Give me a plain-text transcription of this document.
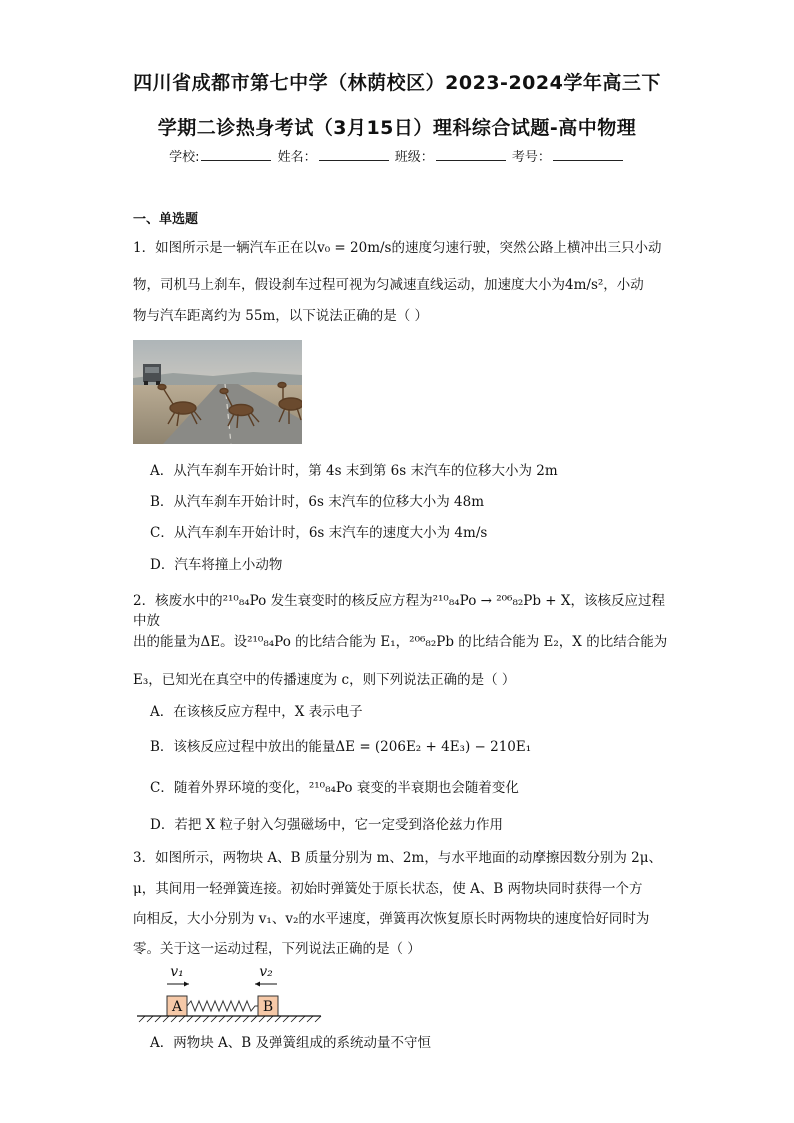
四川省成都市第七中学（林荫校区）2023-2024学年高三下
学期二诊热身考试（3月15日）理科综合试题-高中物理
学校:	姓名：	班级：	考号：
一、单选题
1．如图所示是一辆汽车正在以v₀ = 20m/s的速度匀速行驶，突然公路上横冲出三只小动
物，司机马上刹车，假设刹车过程可视为匀减速直线运动，加速度大小为4m/s²，小动
物与汽车距离约为 55m，以下说法正确的是（ ）
A．从汽车刹车开始计时，第 4s 末到第 6s 末汽车的位移大小为 2m
B．从汽车刹车开始计时，6s 末汽车的位移大小为 48m
C．从汽车刹车开始计时，6s 末汽车的速度大小为 4m/s
D．汽车将撞上小动物
2．核废水中的²¹⁰₈₄Po 发生衰变时的核反应方程为²¹⁰₈₄Po → ²⁰⁶₈₂Pb + X，该核反应过程中放
出的能量为ΔE。设²¹⁰₈₄Po 的比结合能为 E₁，²⁰⁶₈₂Pb 的比结合能为 E₂，X 的比结合能为
E₃，已知光在真空中的传播速度为 c，则下列说法正确的是（ ）
A．在该核反应方程中，X 表示电子
B．该核反应过程中放出的能量ΔE = (206E₂ + 4E₃) − 210E₁
C．随着外界环境的变化，²¹⁰₈₄Po 衰变的半衰期也会随着变化
D．若把 X 粒子射入匀强磁场中，它一定受到洛伦兹力作用
3．如图所示，两物块 A、B 质量分别为 m、2m，与水平地面的动摩擦因数分别为 2μ、
μ，其间用一轻弹簧连接。初始时弹簧处于原长状态，使 A、B 两物块同时获得一个方
向相反，大小分别为 v₁、v₂的水平速度，弹簧再次恢复原长时两物块的速度恰好同时为
零。关于这一运动过程，下列说法正确的是（ ）
v₁	v₂
A	B
A．两物块 A、B 及弹簧组成的系统动量不守恒
